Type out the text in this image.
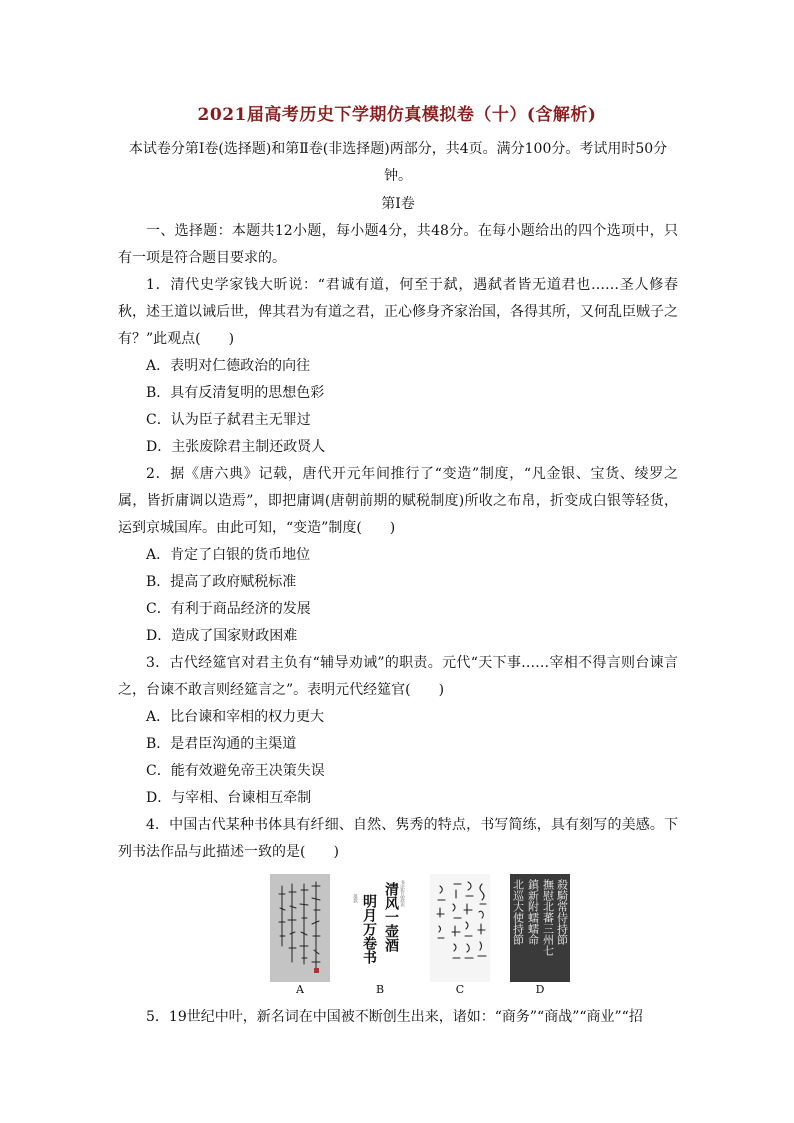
2021届高考历史下学期仿真模拟卷（十）(含解析)
本试卷分第Ⅰ卷(选择题)和第Ⅱ卷(非选择题)两部分，共4页。满分100分。考试用时50分钟。
第Ⅰ卷
一、选择题：本题共12小题，每小题4分，共48分。在每小题给出的四个选项中，只有一项是符合题目要求的。
1．清代史学家钱大昕说：“君诚有道，何至于弑，遇弑者皆无道君也……圣人修春秋，述王道以诫后世，俾其君为有道之君，正心修身齐家治国，各得其所，又何乱臣贼子之有？”此观点(　　)
A．表明对仁德政治的向往
B．具有反清复明的思想色彩
C．认为臣子弑君主无罪过
D．主张废除君主制还政贤人
2．据《唐六典》记载，唐代开元年间推行了“变造”制度，“凡金银、宝货、绫罗之属，皆折庸调以造焉”，即把庸调(唐朝前期的赋税制度)所收之布帛，折变成白银等轻货，运到京城国库。由此可知，“变造”制度(　　)
A．肯定了白银的货币地位
B．提高了政府赋税标准
C．有利于商品经济的发展
D．造成了国家财政困难
3．古代经筵官对君主负有“辅导劝诫”的职责。元代“天下事……宰相不得言则台谏言之，台谏不敢言则经筵言之”。表明元代经筵官(　　)
A．比台谏和宰相的权力更大
B．是君臣沟通的主渠道
C．能有效避免帝王决策失误
D．与宰相、台谏相互牵制
4．中国古代某种书体具有纤细、自然、隽秀的特点，书写简练，具有刻写的美感。下列书法作品与此描述一致的是(　　)
A
书法作品款识
清风一壶酒
明月万卷书
落款
B	C
殺騎常侍持節
撫慰北蕃三州七
鎮新附蠕蠕命
北巡大使持節
D
5．19世纪中叶，新名词在中国被不断创生出来，诸如：“商务”“商战”“商业”“招
